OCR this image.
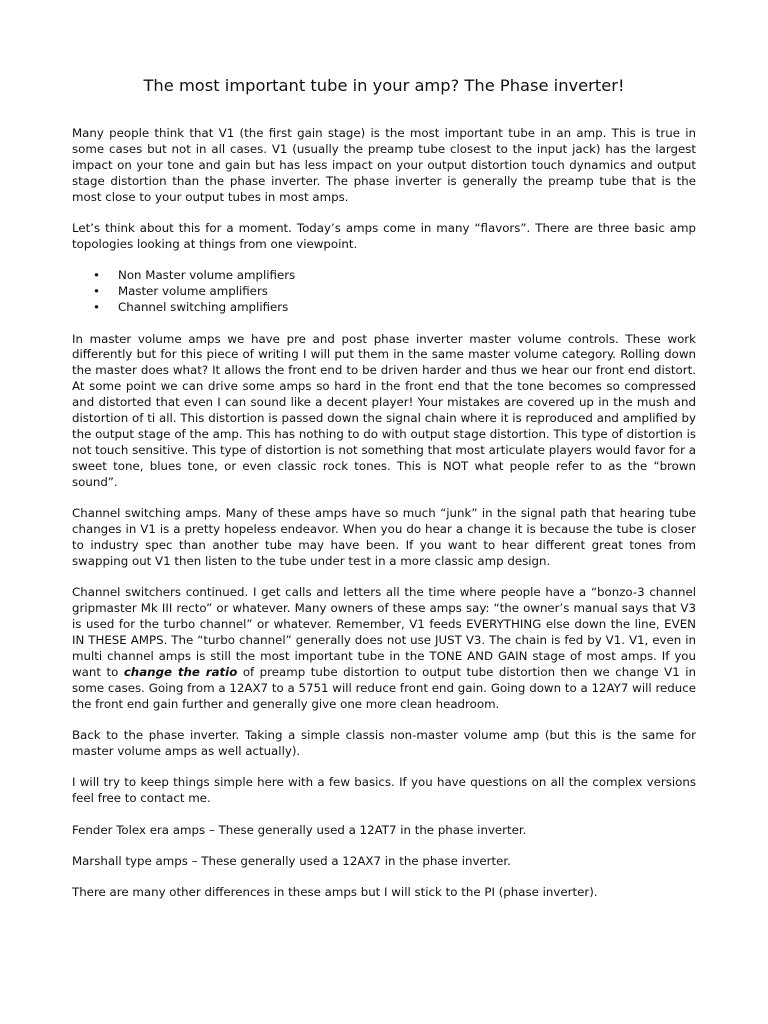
The most important tube in your amp? The Phase inverter!

Many people think that V1 (the first gain stage) is the most important tube in an amp. This is true in some cases but not in all cases. V1 (usually the preamp tube closest to the input jack) has the largest impact on your tone and gain but has less impact on your output distortion touch dynamics and output stage distortion than the phase inverter. The phase inverter is generally the preamp tube that is the most close to your output tubes in most amps.

Let’s think about this for a moment. Today’s amps come in many “flavors”. There are three basic amp topologies looking at things from one viewpoint.

• Non Master volume amplifiers
• Master volume amplifiers
• Channel switching amplifiers

In master volume amps we have pre and post phase inverter master volume controls. These work differently but for this piece of writing I will put them in the same master volume category. Rolling down the master does what? It allows the front end to be driven harder and thus we hear our front end distort. At some point we can drive some amps so hard in the front end that the tone becomes so compressed and distorted that even I can sound like a decent player! Your mistakes are covered up in the mush and distortion of ti all. This distortion is passed down the signal chain where it is reproduced and amplified by the output stage of the amp. This has nothing to do with output stage distortion. This type of distortion is not touch sensitive. This type of distortion is not something that most articulate players would favor for a sweet tone, blues tone, or even classic rock tones. This is NOT what people refer to as the “brown sound”.

Channel switching amps. Many of these amps have so much “junk” in the signal path that hearing tube changes in V1 is a pretty hopeless endeavor. When you do hear a change it is because the tube is closer to industry spec than another tube may have been. If you want to hear different great tones from swapping out V1 then listen to the tube under test in a more classic amp design.

Channel switchers continued. I get calls and letters all the time where people have a “bonzo-3 channel gripmaster Mk III recto” or whatever. Many owners of these amps say: “the owner’s manual says that V3 is used for the turbo channel” or whatever. Remember, V1 feeds EVERYTHING else down the line, EVEN IN THESE AMPS. The “turbo channel” generally does not use JUST V3. The chain is fed by V1. V1, even in multi channel amps is still the most important tube in the TONE AND GAIN stage of most amps. If you want to change the ratio of preamp tube distortion to output tube distortion then we change V1 in some cases. Going from a 12AX7 to a 5751 will reduce front end gain. Going down to a 12AY7 will reduce the front end gain further and generally give one more clean headroom.

Back to the phase inverter. Taking a simple classis non-master volume amp (but this is the same for master volume amps as well actually).

I will try to keep things simple here with a few basics. If you have questions on all the complex versions feel free to contact me.

Fender Tolex era amps – These generally used a 12AT7 in the phase inverter.

Marshall type amps – These generally used a 12AX7 in the phase inverter.

There are many other differences in these amps but I will stick to the PI (phase inverter).
